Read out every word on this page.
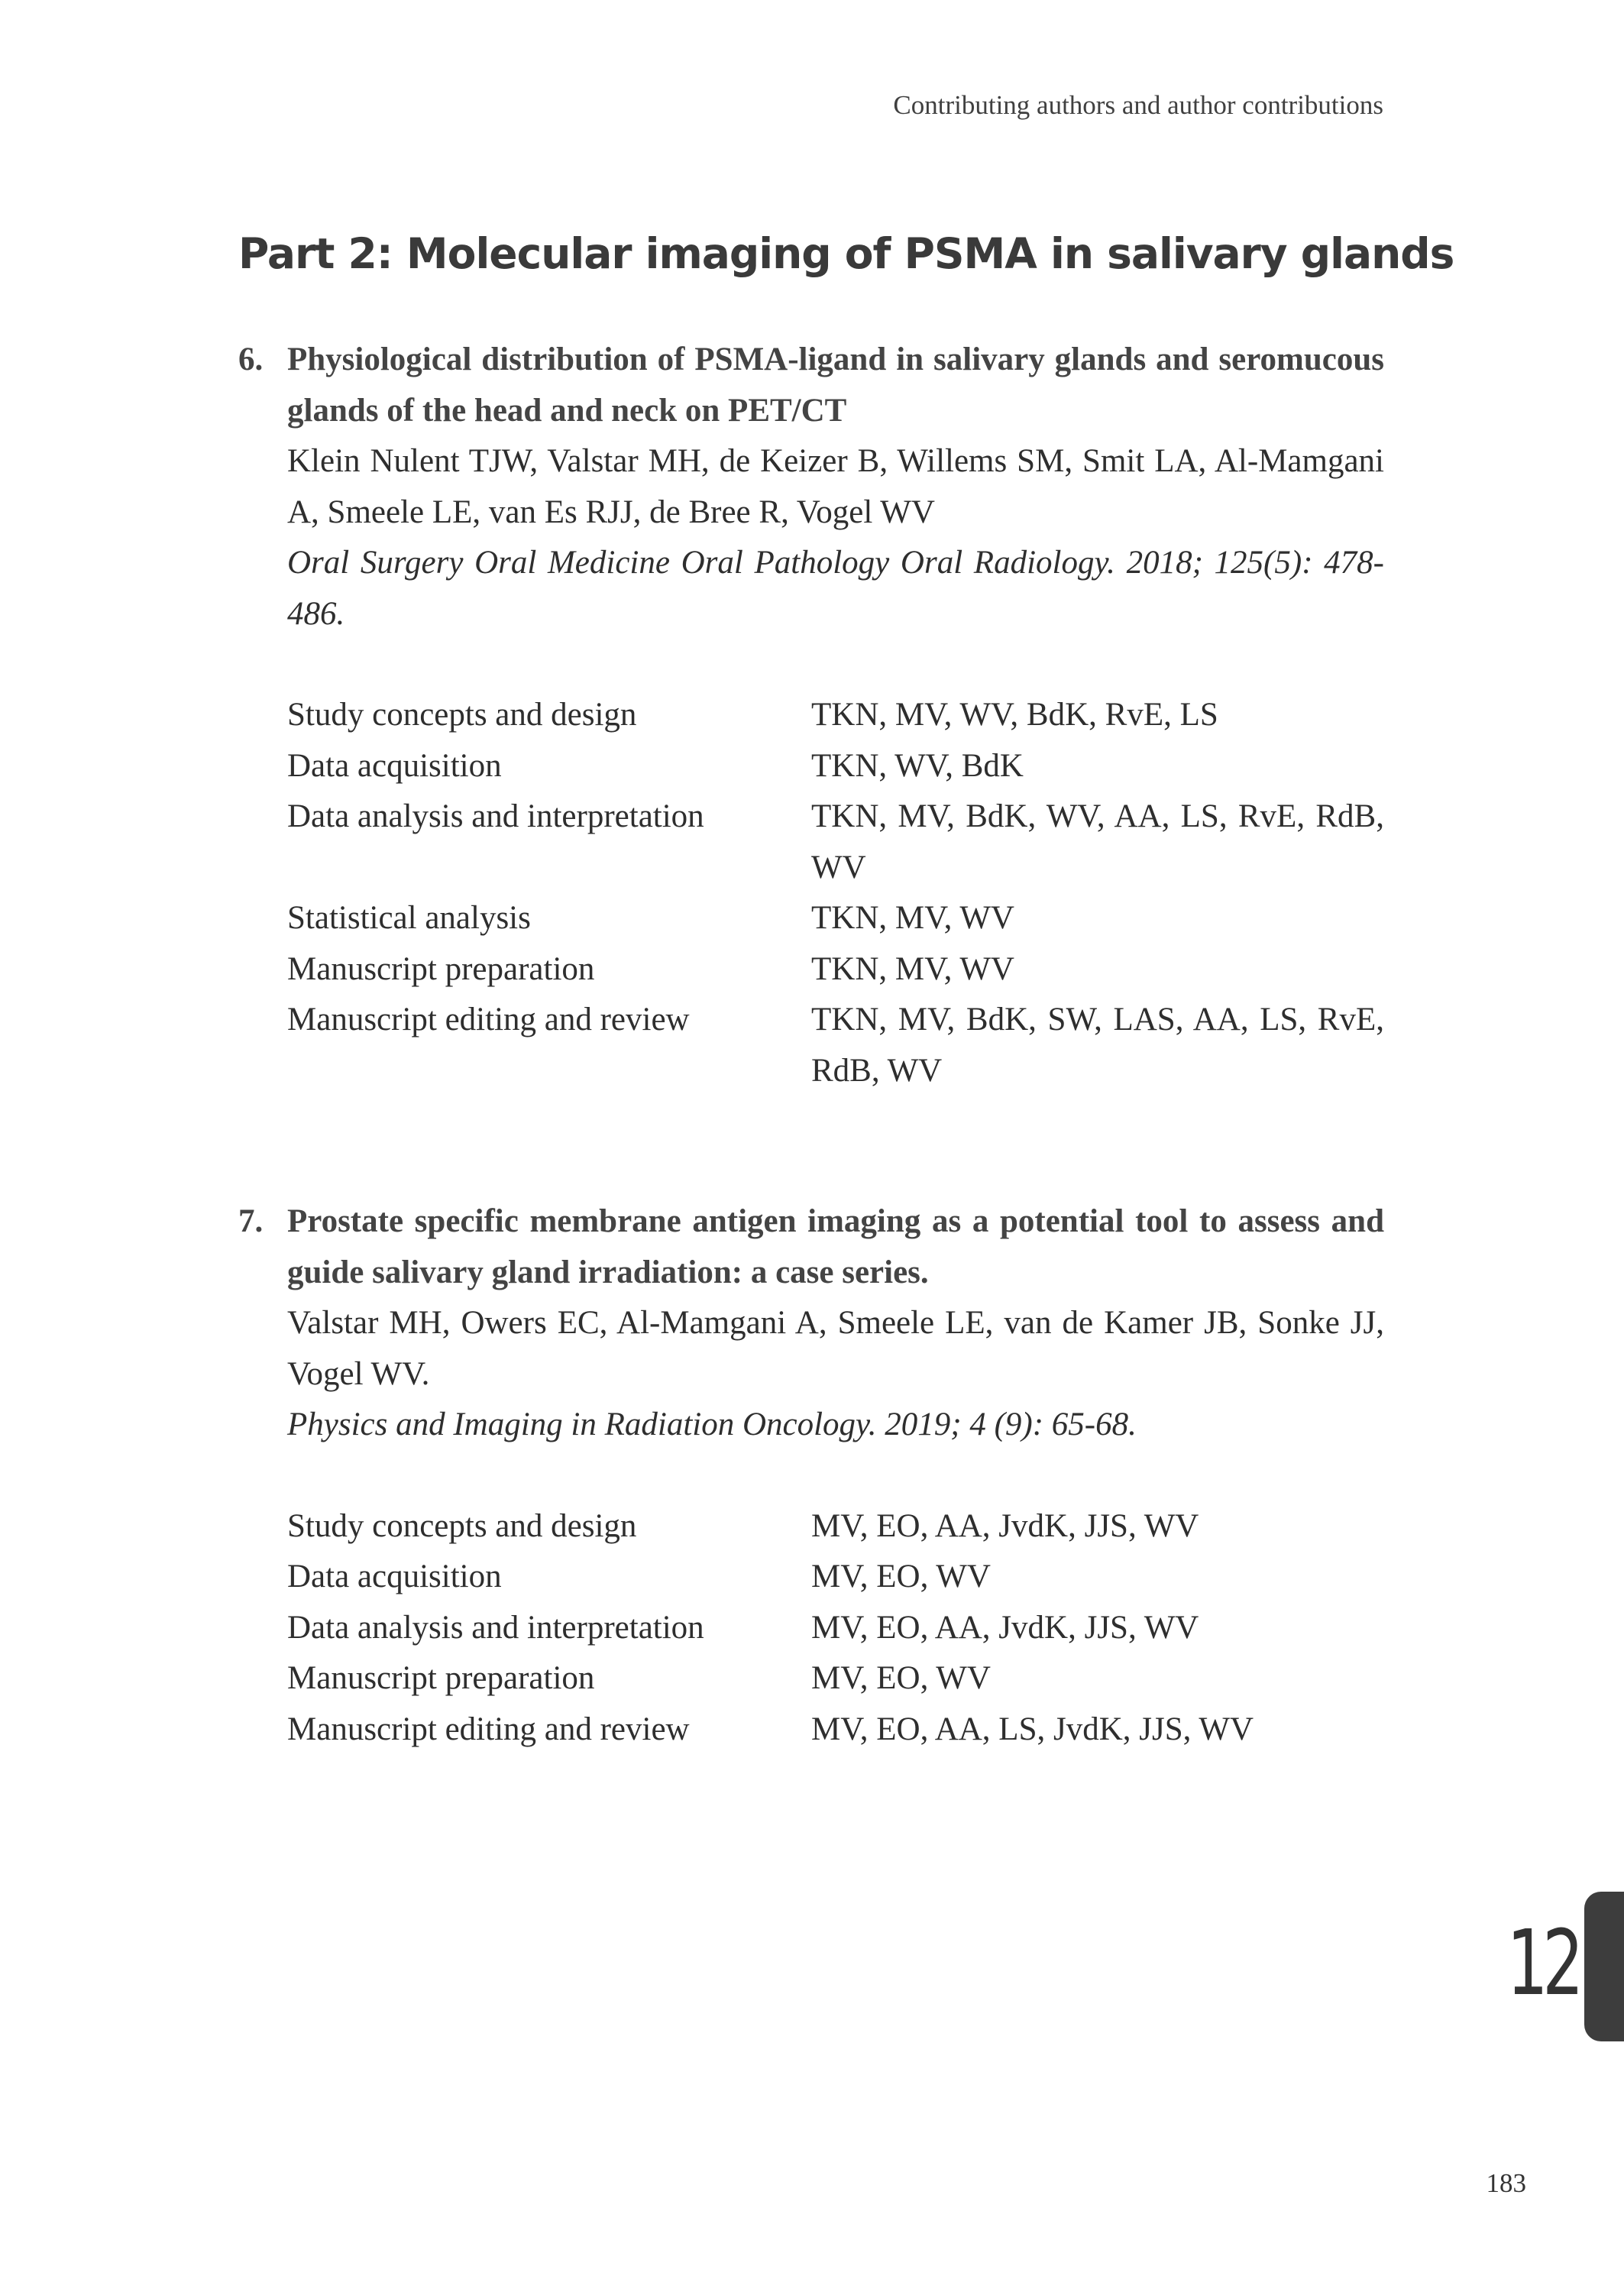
Contributing authors and author contributions
Part 2: Molecular imaging of PSMA in salivary glands
6. Physiological distribution of PSMA-ligand in salivary glands and seromucous glands of the head and neck on PET/CT
Klein Nulent TJW, Valstar MH, de Keizer B, Willems SM, Smit LA, Al-Mamgani A, Smeele LE, van Es RJJ, de Bree R, Vogel WV
Oral Surgery Oral Medicine Oral Pathology Oral Radiology. 2018; 125(5): 478-486.
Study concepts and design	TKN, MV, WV, BdK, RvE, LS
Data acquisition	TKN, WV, BdK
Data analysis and interpretation	TKN, MV, BdK, WV, AA, LS, RvE, RdB, WV
Statistical analysis	TKN, MV, WV
Manuscript preparation	TKN, MV, WV
Manuscript editing and review	TKN, MV, BdK, SW, LAS, AA, LS, RvE, RdB, WV
7. Prostate specific membrane antigen imaging as a potential tool to assess and guide salivary gland irradiation: a case series.
Valstar MH, Owers EC, Al-Mamgani A, Smeele LE, van de Kamer JB, Sonke JJ, Vogel WV.
Physics and Imaging in Radiation Oncology. 2019; 4 (9): 65-68.
Study concepts and design	MV, EO, AA, JvdK, JJS, WV
Data acquisition	MV, EO, WV
Data analysis and interpretation	MV, EO, AA, JvdK, JJS, WV
Manuscript preparation	MV, EO, WV
Manuscript editing and review	MV, EO, AA, LS, JvdK, JJS, WV
12
183
